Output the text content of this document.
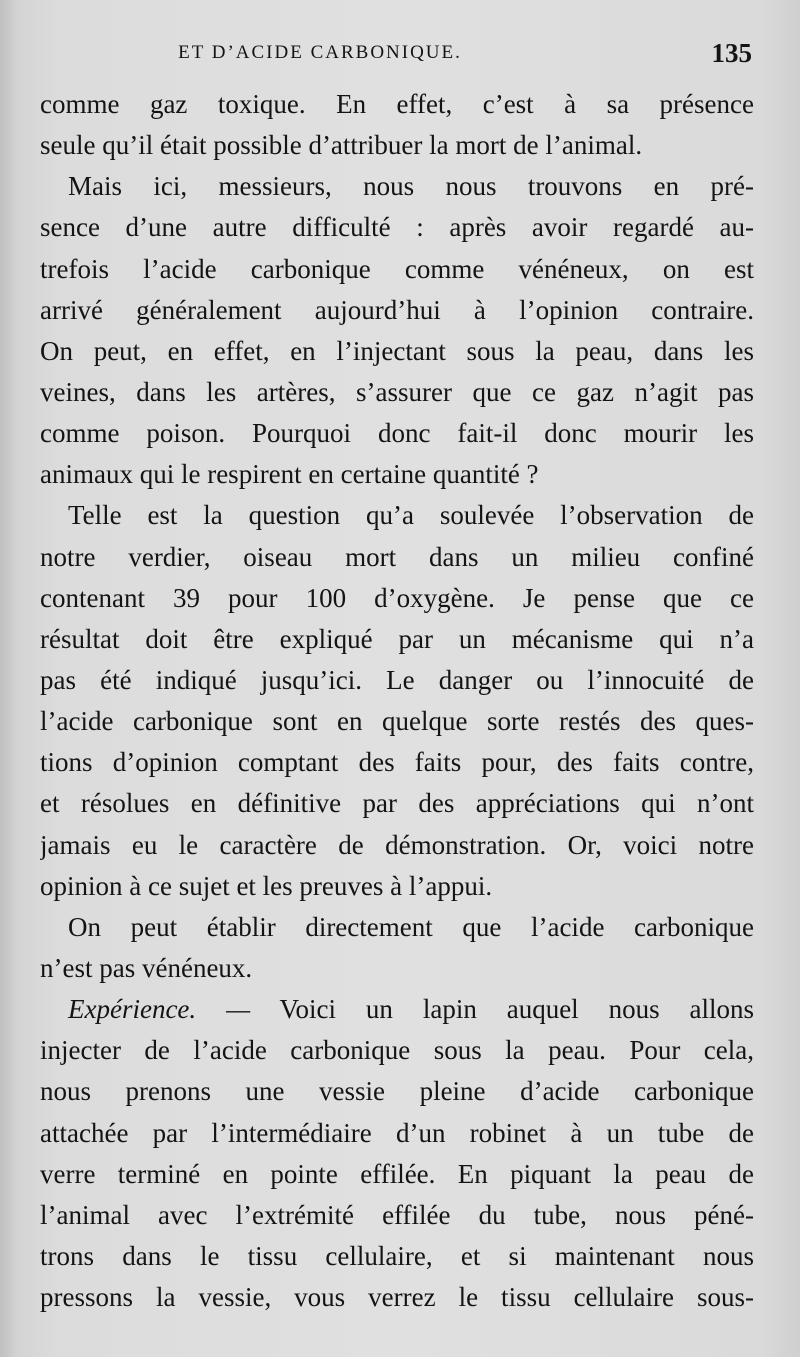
ET D’ACIDE CARBONIQUE.	135
comme gaz toxique. En effet, c’est à sa présence
seule qu’il était possible d’attribuer la mort de l’animal.
Mais ici, messieurs, nous nous trouvons en pré-
sence d’une autre difficulté : après avoir regardé au-
trefois l’acide carbonique comme vénéneux, on est
arrivé généralement aujourd’hui à l’opinion contraire.
On peut, en effet, en l’injectant sous la peau, dans les
veines, dans les artères, s’assurer que ce gaz n’agit pas
comme poison. Pourquoi donc fait-il donc mourir les
animaux qui le respirent en certaine quantité ?
Telle est la question qu’a soulevée l’observation de
notre verdier, oiseau mort dans un milieu confiné
contenant 39 pour 100 d’oxygène. Je pense que ce
résultat doit être expliqué par un mécanisme qui n’a
pas été indiqué jusqu’ici. Le danger ou l’innocuité de
l’acide carbonique sont en quelque sorte restés des ques-
tions d’opinion comptant des faits pour, des faits contre,
et résolues en définitive par des appréciations qui n’ont
jamais eu le caractère de démonstration. Or, voici notre
opinion à ce sujet et les preuves à l’appui.
On peut établir directement que l’acide carbonique
n’est pas vénéneux.
Expérience. — Voici un lapin auquel nous allons
injecter de l’acide carbonique sous la peau. Pour cela,
nous prenons une vessie pleine d’acide carbonique
attachée par l’intermédiaire d’un robinet à un tube de
verre terminé en pointe effilée. En piquant la peau de
l’animal avec l’extrémité effilée du tube, nous péné-
trons dans le tissu cellulaire, et si maintenant nous
pressons la vessie, vous verrez le tissu cellulaire sous-
